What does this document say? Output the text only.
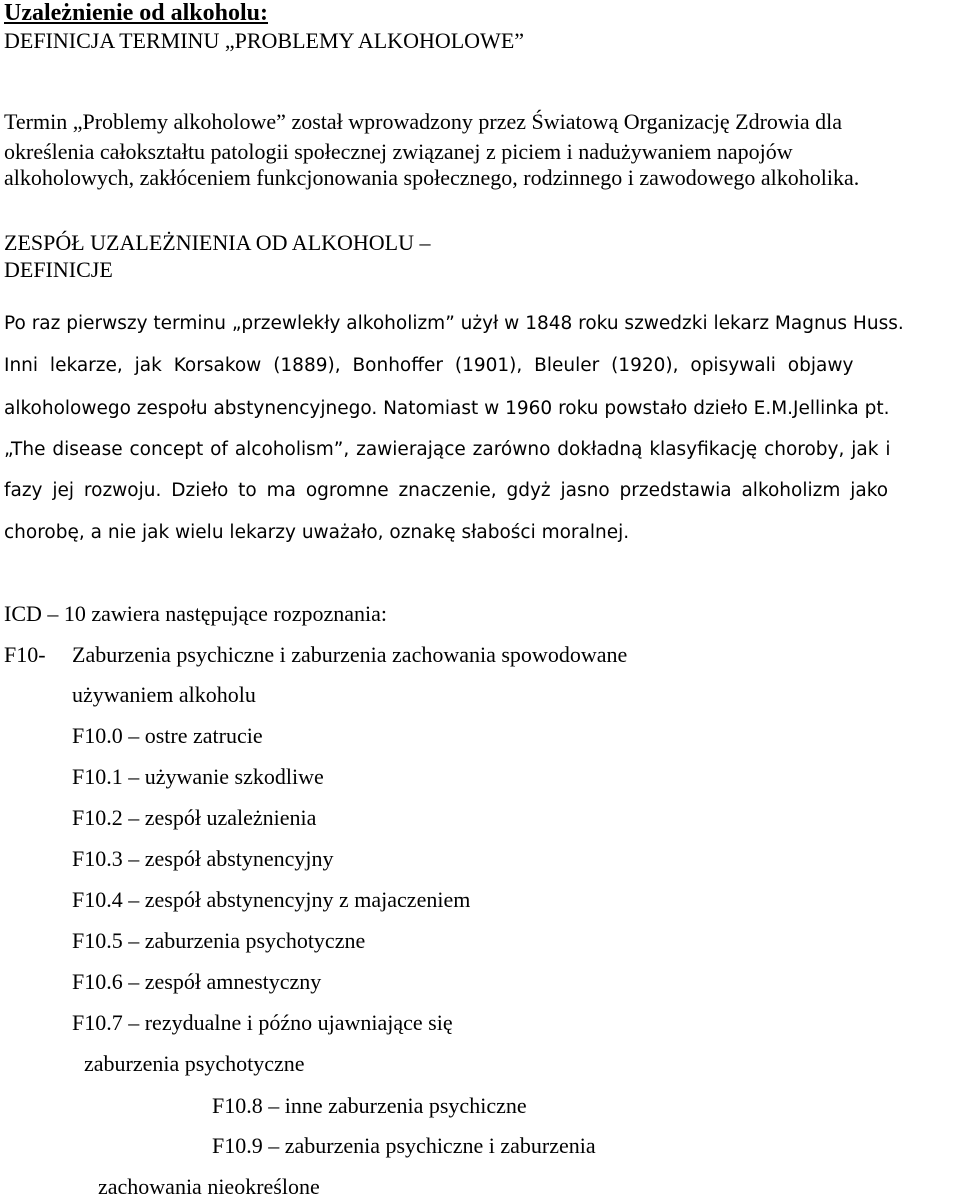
Uzależnienie od alkoholu:
DEFINICJA TERMINU „PROBLEMY ALKOHOLOWE”
Termin „Problemy alkoholowe” został wprowadzony przez Światową Organizację Zdrowia dla
określenia całokształtu patologii społecznej związanej z piciem i nadużywaniem napojów
alkoholowych, zakłóceniem funkcjonowania społecznego, rodzinnego i zawodowego alkoholika.
ZESPÓŁ UZALEŻNIENIA OD ALKOHOLU –
DEFINICJE
Po raz pierwszy terminu „przewlekły alkoholizm” użył w 1848 roku szwedzki lekarz Magnus Huss.
Inni lekarze, jak Korsakow (1889), Bonhoffer (1901), Bleuler (1920), opisywali objawy
alkoholowego zespołu abstynencyjnego. Natomiast w 1960 roku powstało dzieło E.M.Jellinka pt.
„The disease concept of alcoholism”, zawierające zarówno dokładną klasyfikację choroby, jak i
fazy jej rozwoju. Dzieło to ma ogromne znaczenie, gdyż jasno przedstawia alkoholizm jako
chorobę, a nie jak wielu lekarzy uważało, oznakę słabości moralnej.
ICD – 10 zawiera następujące rozpoznania:
F10- Zaburzenia psychiczne i zaburzenia zachowania spowodowane
używaniem alkoholu
F10.0 – ostre zatrucie
F10.1 – używanie szkodliwe
F10.2 – zespół uzależnienia
F10.3 – zespół abstynencyjny
F10.4 – zespół abstynencyjny z majaczeniem
F10.5 – zaburzenia psychotyczne
F10.6 – zespół amnestyczny
F10.7 – rezydualne i późno ujawniające się
zaburzenia psychotyczne
F10.8 – inne zaburzenia psychiczne
F10.9 – zaburzenia psychiczne i zaburzenia
zachowania nieokreślone
